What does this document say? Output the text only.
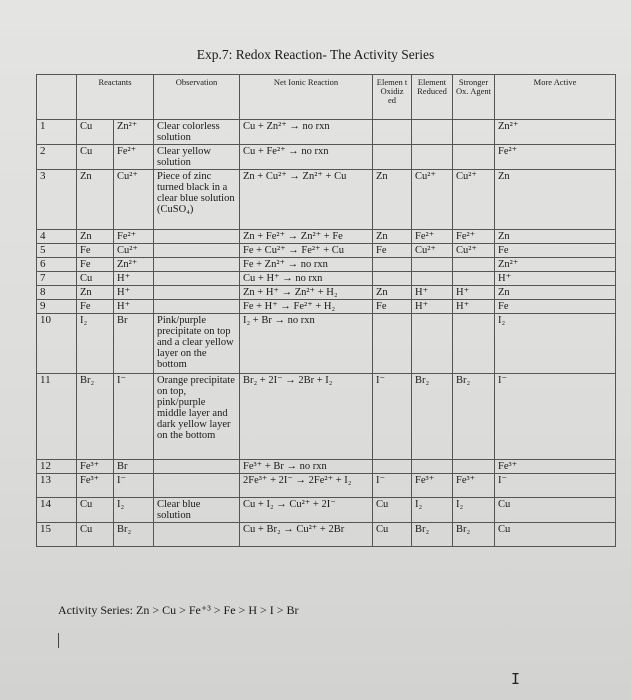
Exp.7: Redox Reaction- The Activity Series
	Reactants		Observation	Net Ionic Reaction	Elemen t Oxidiz ed	Element Reduced	Stronger Ox. Agent	More Active
1	Cu	Zn²⁺	Clear colorless solution	Cu + Zn²⁺ → no rxn				Zn²⁺
2	Cu	Fe²⁺	Clear yellow solution	Cu + Fe²⁺ → no rxn				Fe²⁺
3	Zn	Cu²⁺	Piece of zinc turned black in a clear blue solution (CuSO₄)	Zn + Cu²⁺ → Zn²⁺ + Cu	Zn	Cu²⁺	Cu²⁺	Zn
4	Zn	Fe²⁺		Zn + Fe²⁺ → Zn²⁺ + Fe	Zn	Fe²⁺	Fe²⁺	Zn
5	Fe	Cu²⁺		Fe + Cu²⁺ → Fe²⁺ + Cu	Fe	Cu²⁺	Cu²⁺	Fe
6	Fe	Zn²⁺		Fe + Zn²⁺ → no rxn				Zn²⁺
7	Cu	H⁺		Cu + H⁺ → no rxn				H⁺
8	Zn	H⁺		Zn + H⁺ → Zn²⁺ + H₂	Zn	H⁺	H⁺	Zn
9	Fe	H⁺		Fe + H⁺ → Fe²⁺ + H₂	Fe	H⁺	H⁺	Fe
10	I₂	Br	Pink/purple precipitate on top and a clear yellow layer on the bottom	I₂ + Br → no rxn				I₂
11	Br₂	I⁻	Orange precipitate on top, pink/purple middle layer and dark yellow layer on the bottom	Br₂ + 2I⁻ → 2Br + I₂	I⁻	Br₂	Br₂	I⁻
12	Fe³⁺	Br		Fe³⁺ + Br → no rxn				Fe³⁺
13	Fe³⁺	I⁻		2Fe³⁺ + 2I⁻ → 2Fe²⁺ + I₂	I⁻	Fe³⁺	Fe³⁺	I⁻
14	Cu	I₂	Clear blue solution	Cu + I₂ → Cu²⁺ + 2I⁻	Cu	I₂	I₂	Cu
15	Cu	Br₂		Cu + Br₂ → Cu²⁺ + 2Br	Cu	Br₂	Br₂	Cu
Activity Series: Zn > Cu > Fe⁺³ > Fe > H > I > Br
I
